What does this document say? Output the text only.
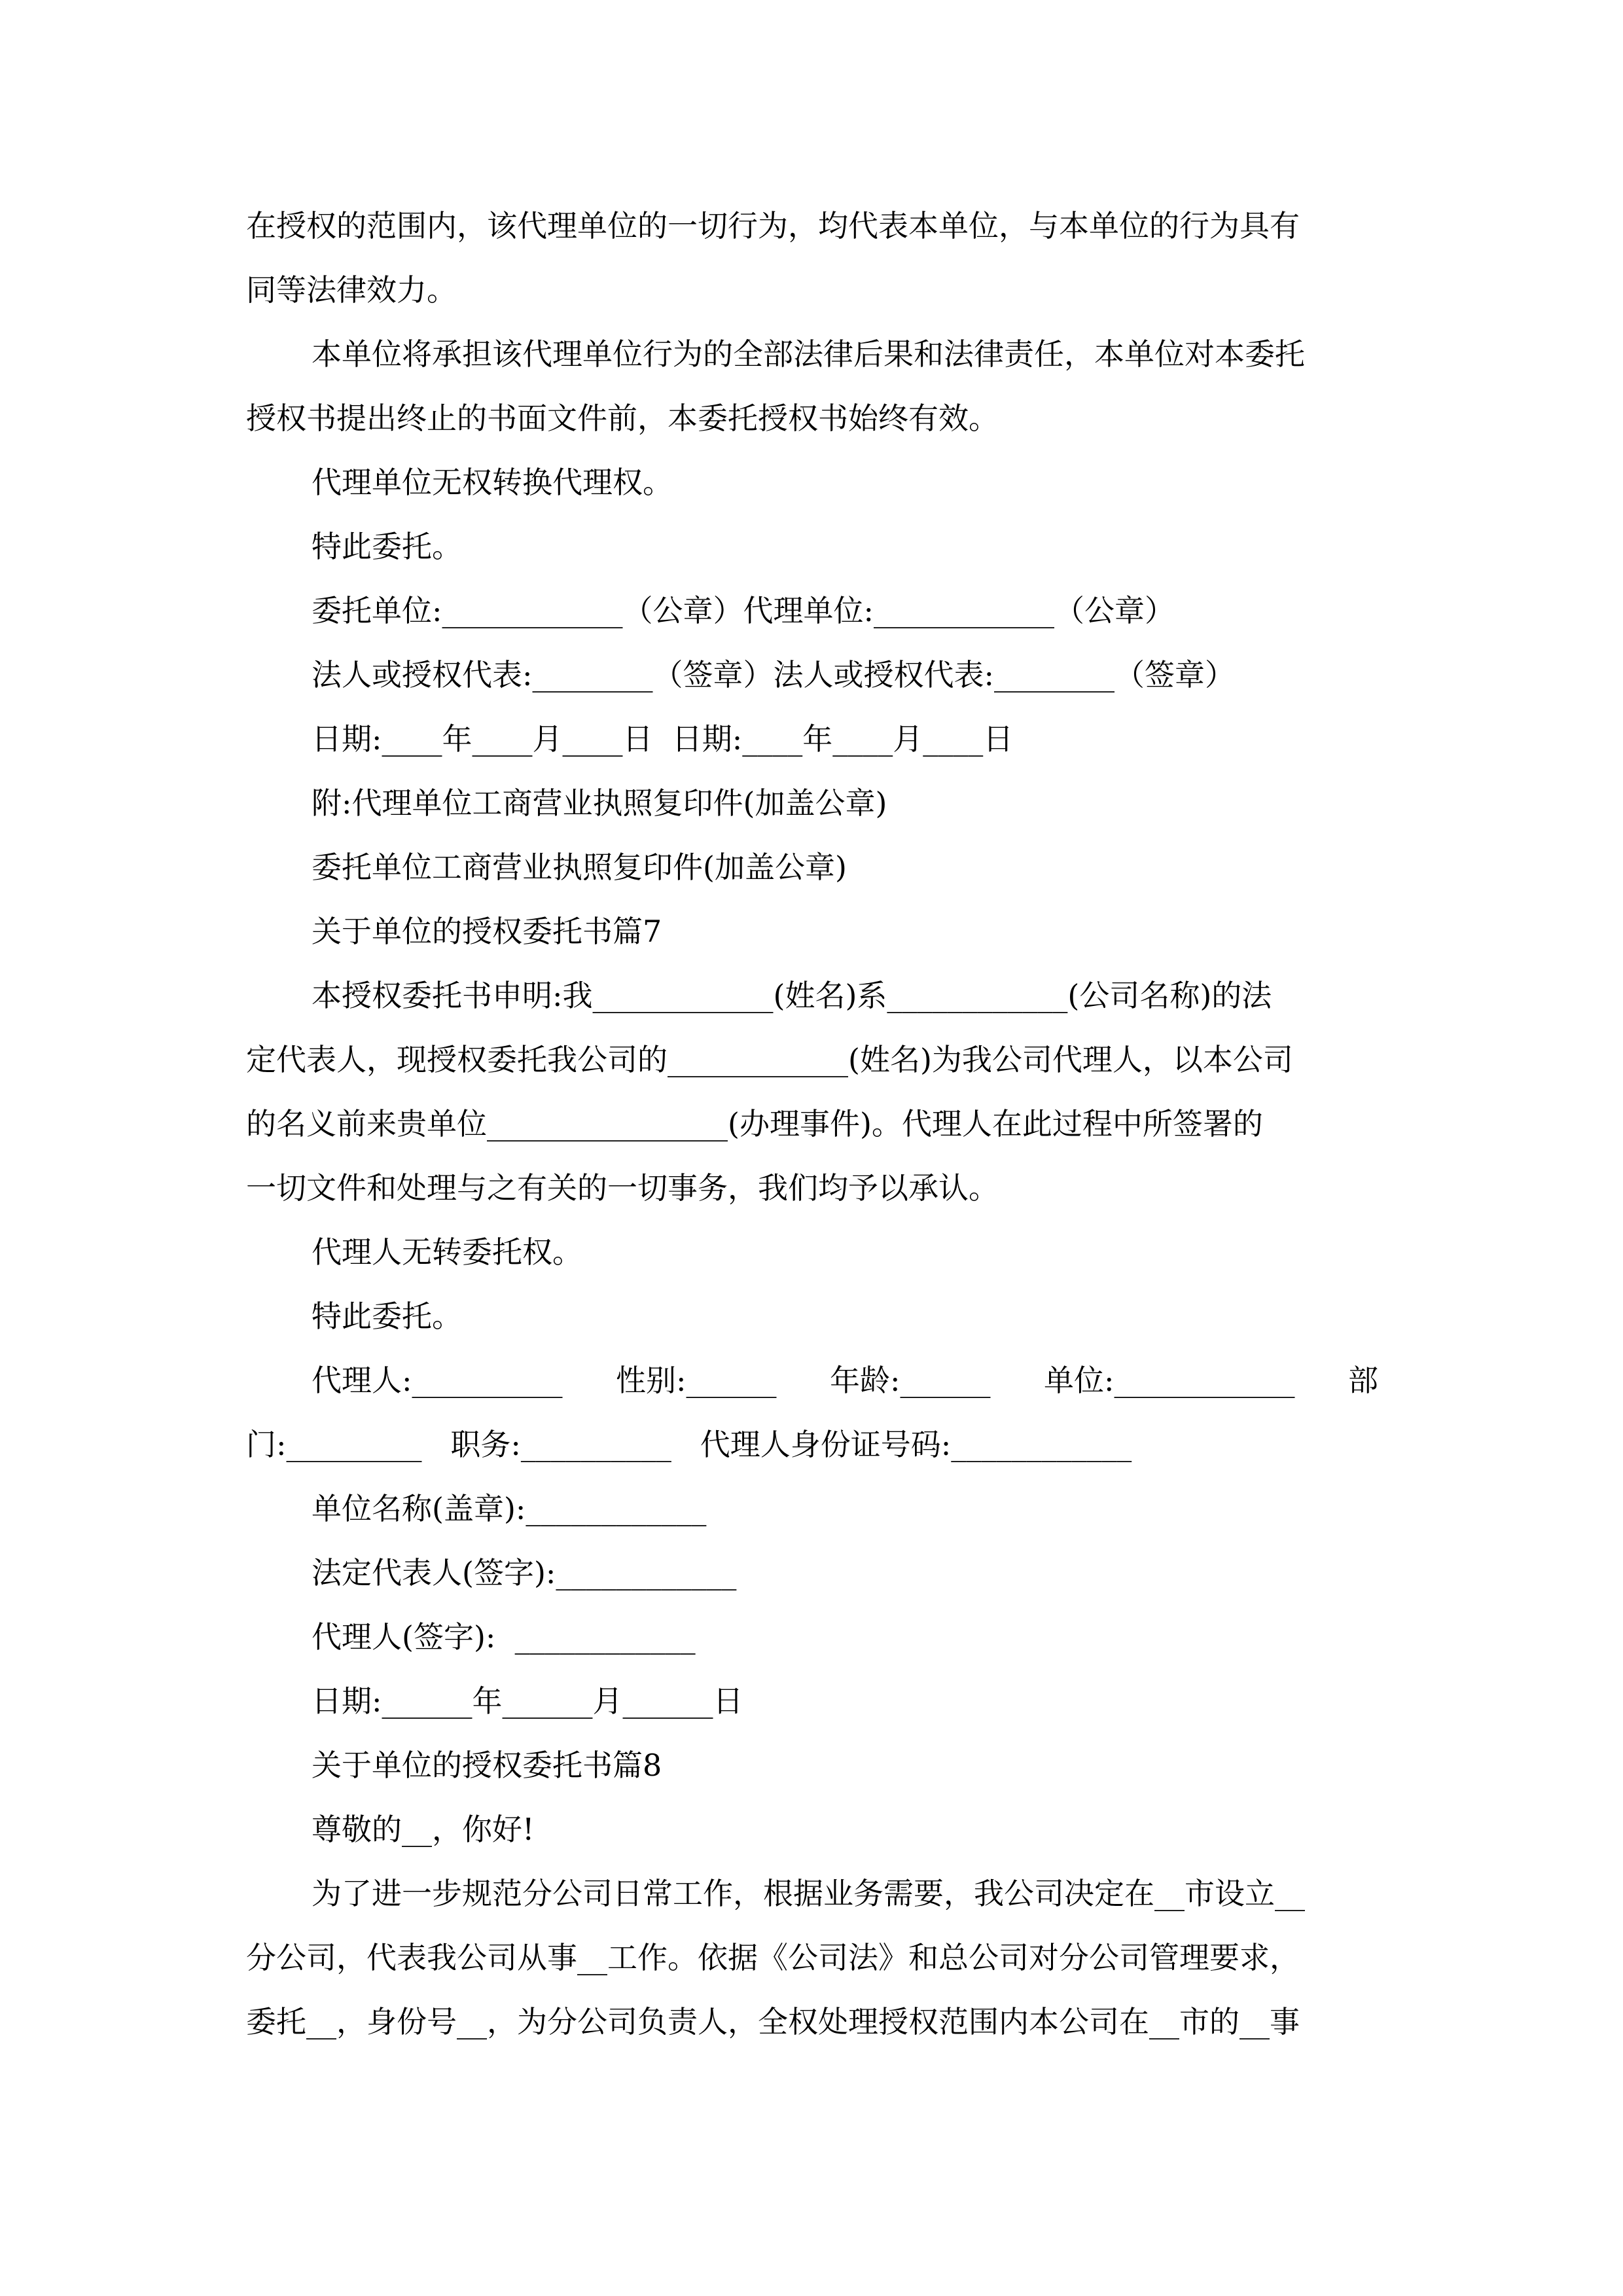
在授权的范围内，该代理单位的一切行为，均代表本单位，与本单位的行为具有
同等法律效力。
本单位将承担该代理单位行为的全部法律后果和法律责任，本单位对本委托
授权书提出终止的书面文件前，本委托授权书始终有效。
代理单位无权转换代理权。
特此委托。
委托单位:____________（公章）代理单位:____________（公章）
法人或授权代表:________（签章）法人或授权代表:________（签章）
日期:____年____月____日  日期:____年____月____日
附:代理单位工商营业执照复印件(加盖公章)
委托单位工商营业执照复印件(加盖公章)
关于单位的授权委托书篇7
本授权委托书申明:我____________(姓名)系____________(公司名称)的法
定代表人，现授权委托我公司的____________(姓名)为我公司代理人，以本公司
的名义前来贵单位________________(办理事件)。代理人在此过程中所签署的
一切文件和处理与之有关的一切事务，我们均予以承认。
代理人无转委托权。
特此委托。
代理人:__________ 性别:______ 年龄:______ 单位:____________ 部
门:_________   职务:__________   代理人身份证号码:____________
单位名称(盖章):____________
法定代表人(签字):____________
代理人(签字):  ____________
日期:______年______月______日
关于单位的授权委托书篇8
尊敬的__，你好!
为了进一步规范分公司日常工作，根据业务需要，我公司决定在__市设立__
分公司，代表我公司从事__工作。依据《公司法》和总公司对分公司管理要求，
委托__，身份号__，为分公司负责人，全权处理授权范围内本公司在__市的__事
